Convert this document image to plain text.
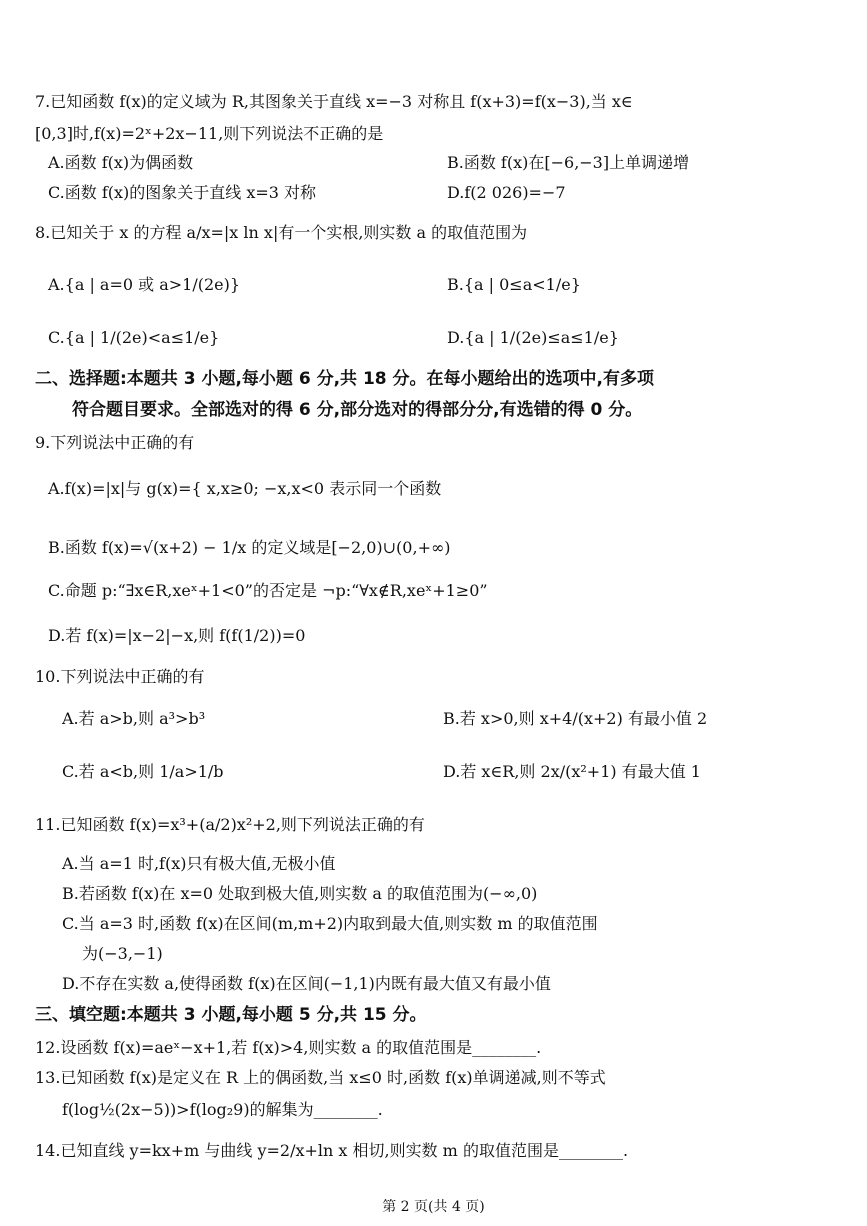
7.已知函数 f(x)的定义域为 R,其图象关于直线 x=−3 对称且 f(x+3)=f(x−3),当 x∈
[0,3]时,f(x)=2ˣ+2x−11,则下列说法不正确的是
A.函数 f(x)为偶函数	B.函数 f(x)在[−6,−3]上单调递增
C.函数 f(x)的图象关于直线 x=3 对称	D.f(2 026)=−7
8.已知关于 x 的方程 a/x=|x ln x|有一个实根,则实数 a 的取值范围为
A.{a | a=0 或 a>1/(2e)}	B.{a | 0≤a<1/e}
C.{a | 1/(2e)<a≤1/e}	D.{a | 1/(2e)≤a≤1/e}
二、选择题:本题共 3 小题,每小题 6 分,共 18 分。在每小题给出的选项中,有多项
符合题目要求。全部选对的得 6 分,部分选对的得部分分,有选错的得 0 分。
9.下列说法中正确的有
A.f(x)=|x|与 g(x)={ x,x≥0; −x,x<0 表示同一个函数
B.函数 f(x)=√(x+2) − 1/x 的定义域是[−2,0)∪(0,+∞)
C.命题 p:“∃x∈R,xeˣ+1<0”的否定是 ¬p:“∀x∉R,xeˣ+1≥0”
D.若 f(x)=|x−2|−x,则 f(f(1/2))=0
10.下列说法中正确的有
A.若 a>b,则 a³>b³	B.若 x>0,则 x+4/(x+2) 有最小值 2
C.若 a<b,则 1/a>1/b	D.若 x∈R,则 2x/(x²+1) 有最大值 1
11.已知函数 f(x)=x³+(a/2)x²+2,则下列说法正确的有
A.当 a=1 时,f(x)只有极大值,无极小值
B.若函数 f(x)在 x=0 处取到极大值,则实数 a 的取值范围为(−∞,0)
C.当 a=3 时,函数 f(x)在区间(m,m+2)内取到最大值,则实数 m 的取值范围
为(−3,−1)
D.不存在实数 a,使得函数 f(x)在区间(−1,1)内既有最大值又有最小值
三、填空题:本题共 3 小题,每小题 5 分,共 15 分。
12.设函数 f(x)=aeˣ−x+1,若 f(x)>4,则实数 a 的取值范围是________.
13.已知函数 f(x)是定义在 R 上的偶函数,当 x≤0 时,函数 f(x)单调递减,则不等式
f(log½(2x−5))>f(log₂9)的解集为________.
14.已知直线 y=kx+m 与曲线 y=2/x+ln x 相切,则实数 m 的取值范围是________.
第 2 页(共 4 页)
